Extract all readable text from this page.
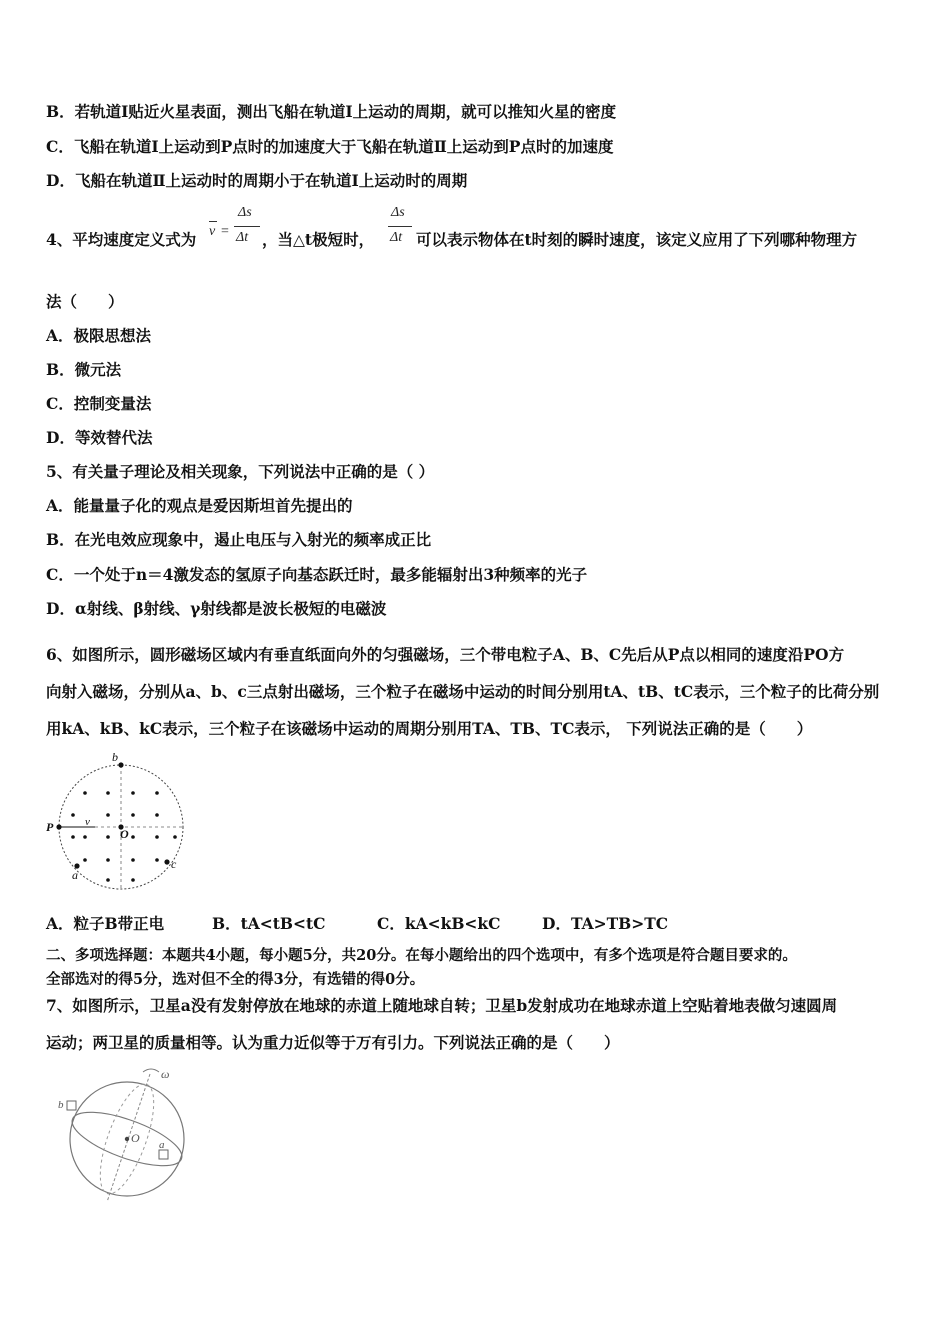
B．若轨道Ⅰ贴近火星表面，测出飞船在轨道Ⅰ上运动的周期，就可以推知火星的密度
C．飞船在轨道Ⅰ上运动到P点时的加速度大于飞船在轨道Ⅱ上运动到P点时的加速度
D．飞船在轨道Ⅱ上运动时的周期小于在轨道Ⅰ上运动时的周期
4、平均速度定义式为 v =
Δs
Δt ，当△t极短时，
Δs
Δt 可以表示物体在t时刻的瞬时速度，该定义应用了下列哪种物理方
法（　　）
A．极限思想法
B．微元法
C．控制变量法
D．等效替代法
5、有关量子理论及相关现象，下列说法中正确的是（ ）
A．能量量子化的观点是爱因斯坦首先提出的
B．在光电效应现象中，遏止电压与入射光的频率成正比
C．一个处于n＝4激发态的氢原子向基态跃迁时，最多能辐射出3种频率的光子
D．α射线、β射线、γ射线都是波长极短的电磁波
6、如图所示，圆形磁场区域内有垂直纸面向外的匀强磁场，三个带电粒子A、B、C先后从P点以相同的速度沿PO方
向射入磁场，分别从a、b、c三点射出磁场，三个粒子在磁场中运动的时间分别用tA、tB、tC表示，三个粒子的比荷分别
用kA、kB、kC表示，三个粒子在该磁场中运动的周期分别用TA、TB、TC表示， 下列说法正确的是（　　）
v
b
P	O
c
a
A．粒子B带正电	B．tA<tB<tC	C．kA<kB<kC	D．TA>TB>TC
二、多项选择题：本题共4小题，每小题5分，共20分。在每小题给出的四个选项中，有多个选项是符合题目要求的。
全部选对的得5分，选对但不全的得3分，有选错的得0分。
7、如图所示，卫星a没有发射停放在地球的赤道上随地球自转；卫星b发射成功在地球赤道上空贴着地表做匀速圆周
运动；两卫星的质量相等。认为重力近似等于万有引力。下列说法正确的是（　　）
ω
b
O a
